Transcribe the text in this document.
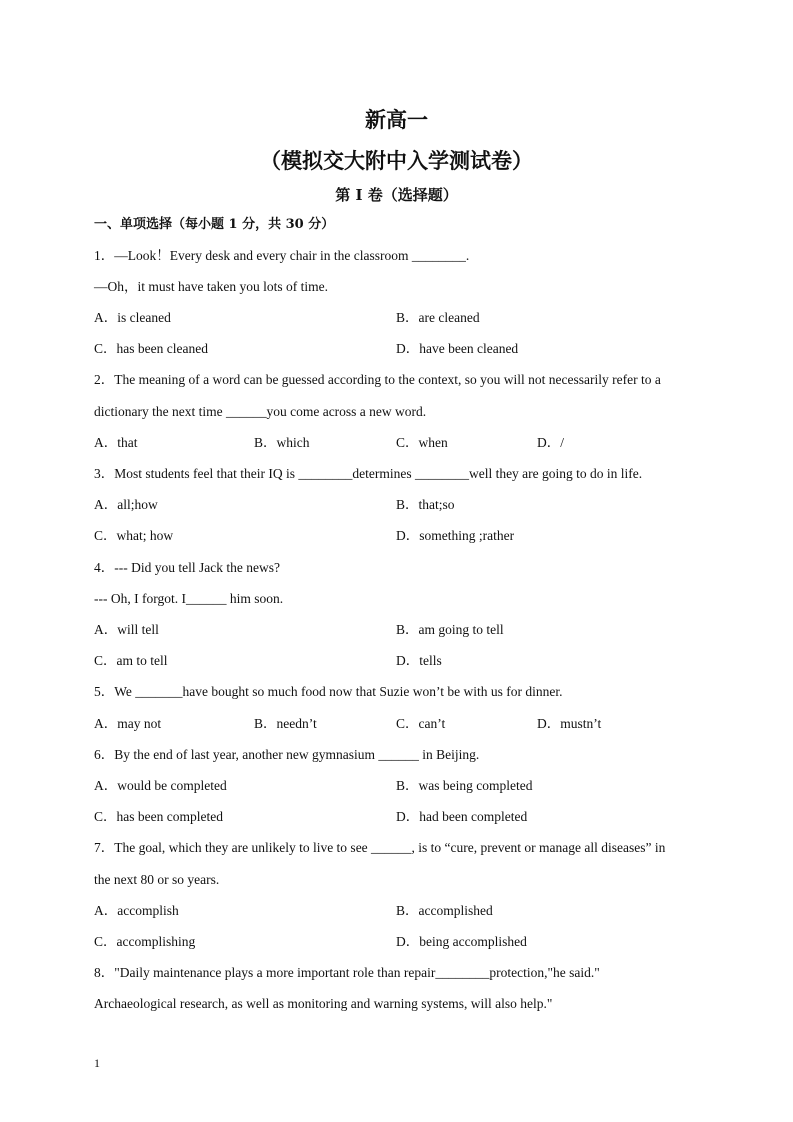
新高一
（模拟交大附中入学测试卷）
第 I 卷（选择题）
一、单项选择（每小题 1 分，共 30 分）
1．—Look！Every desk and every chair in the classroom ________.
—Oh，it must have taken you lots of time.
A．is cleaned	B．are cleaned
C．has been cleaned	D．have been cleaned
2．The meaning of a word can be guessed according to the context, so you will not necessarily refer to a
dictionary the next time ______you come across a new word.
A．that	B．which	C．when	D．/
3．Most students feel that their IQ is ________determines ________well they are going to do in life.
A．all;how	B．that;so
C．what; how	D．something ;rather
4．--- Did you tell Jack the news?
--- Oh, I forgot. I______ him soon.
A．will tell	B．am going to tell
C．am to tell	D．tells
5．We _______have bought so much food now that Suzie won’t be with us for dinner.
A．may not	B．needn’t	C．can’t	D．mustn’t
6．By the end of last year, another new gymnasium ______ in Beijing.
A．would be completed	B．was being completed
C．has been completed	D．had been completed
7．The goal, which they are unlikely to live to see ______, is to “cure, prevent or manage all diseases” in
the next 80 or so years.
A．accomplish	B．accomplished
C．accomplishing	D．being accomplished
8．"Daily maintenance plays a more important role than repair________protection,"he said."
Archaeological research, as well as monitoring and warning systems, will also help."
1
